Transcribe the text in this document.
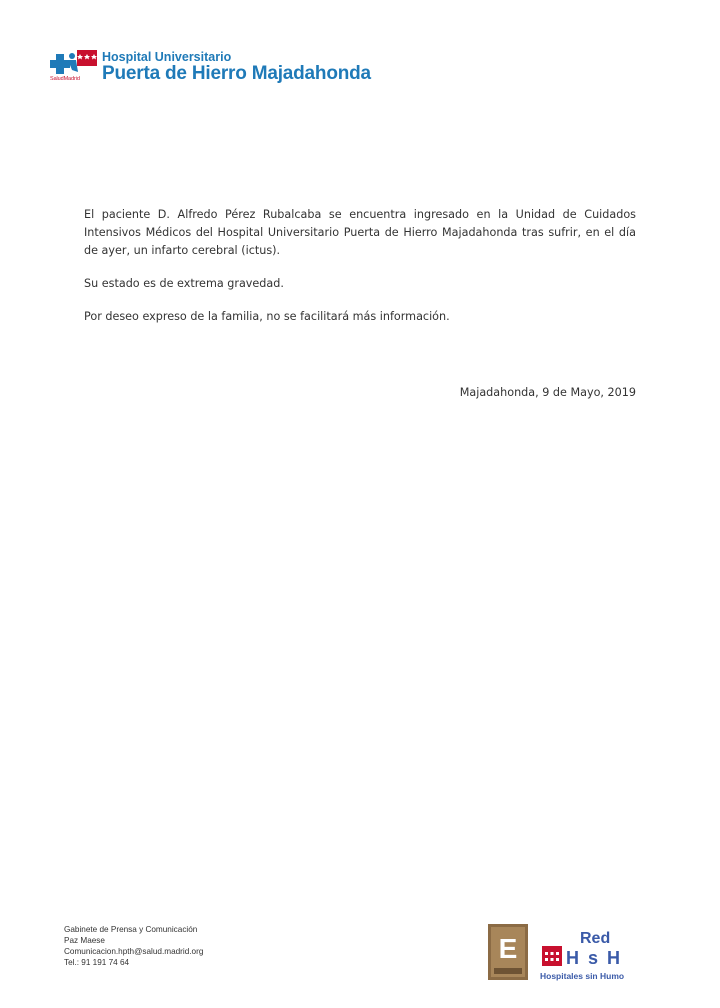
SaludMadrid
Hospital Universitario
Puerta de Hierro Majadahonda

El paciente D. Alfredo Pérez Rubalcaba se encuentra ingresado en la Unidad de Cuidados Intensivos Médicos del Hospital Universitario Puerta de Hierro Majadahonda tras sufrir, en el día de ayer, un infarto cerebral (ictus).

Su estado es de extrema gravedad.

Por deseo expreso de la familia, no se facilitará más información.

Majadahonda, 9 de Mayo, 2019
Gabinete de Prensa y Comunicación
Paz Maese
Comunicacion.hpth@salud.madrid.org
Tel.: 91 191 74 64	E	Red
H s H
Hospitales sin Humo
